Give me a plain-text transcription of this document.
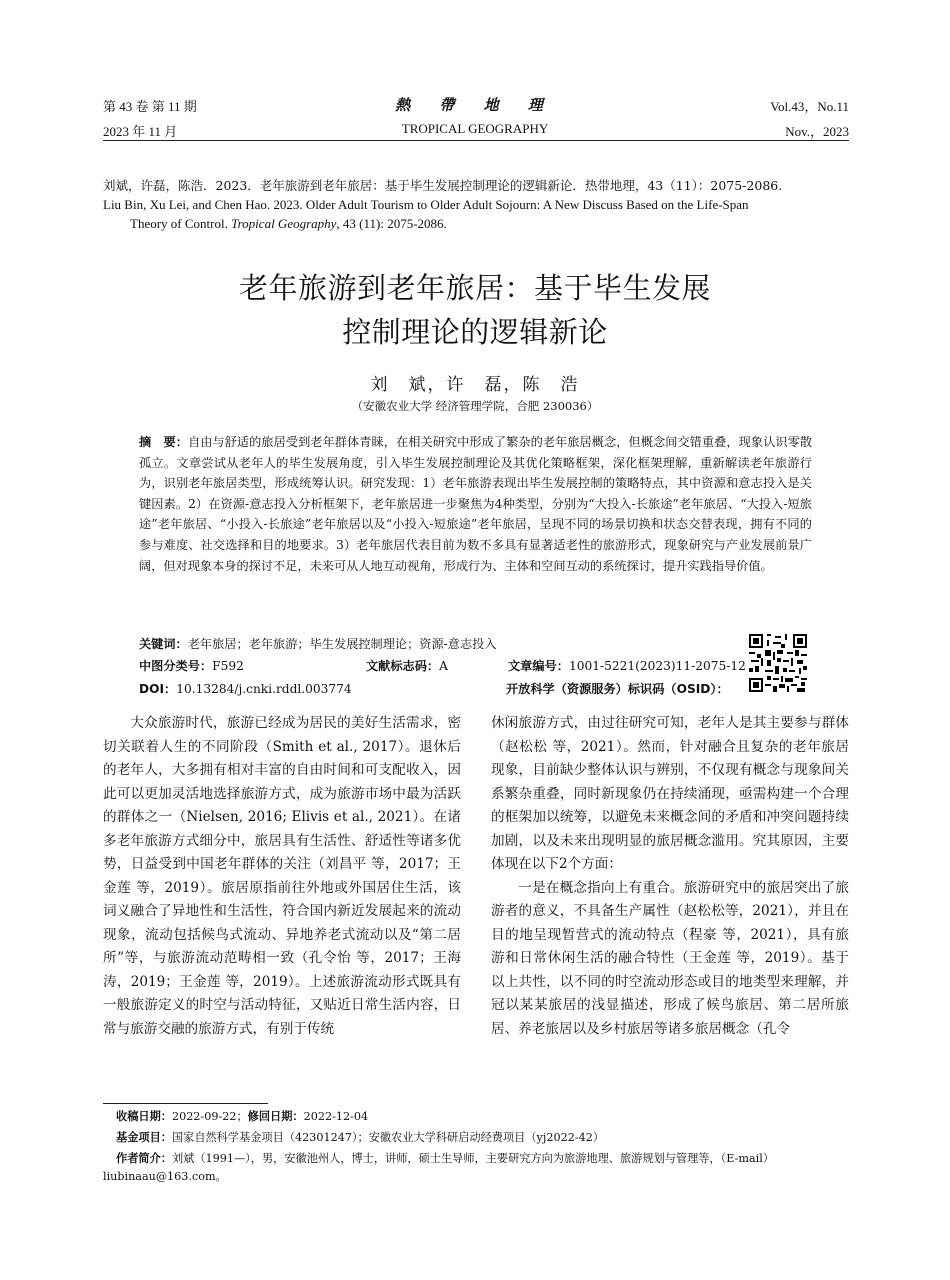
第 43 卷 第 11 期
2023 年 11 月
熱 帶 地 理
TROPICAL GEOGRAPHY
Vol.43，No.11
Nov.，2023
刘斌，许磊，陈浩．2023．老年旅游到老年旅居：基于毕生发展控制理论的逻辑新论．热带地理，43（11）：2075-2086.
Liu Bin, Xu Lei, and Chen Hao. 2023. Older Adult Tourism to Older Adult Sojourn: A New Discuss Based on the Life-Span
Theory of Control. Tropical Geography, 43 (11): 2075-2086.
老年旅游到老年旅居：基于毕生发展
控制理论的逻辑新论
刘　斌，许　磊，陈　浩
（安徽农业大学 经济管理学院，合肥 230036）
摘　要：自由与舒适的旅居受到老年群体青睐，在相关研究中形成了繁杂的老年旅居概念，但概念间交错重叠，现象认识零散孤立。文章尝试从老年人的毕生发展角度，引入毕生发展控制理论及其优化策略框架，深化框架理解，重新解读老年旅游行为，识别老年旅居类型，形成统筹认识。研究发现：1）老年旅游表现出毕生发展控制的策略特点，其中资源和意志投入是关键因素。2）在资源-意志投入分析框架下，老年旅居进一步聚焦为4种类型，分别为“大投入-长旅途”老年旅居、“大投入-短旅途”老年旅居、“小投入-长旅途”老年旅居以及“小投入-短旅途”老年旅居，呈现不同的场景切换和状态交替表现，拥有不同的参与难度、社交选择和目的地要求。3）老年旅居代表目前为数不多具有显著适老性的旅游形式，现象研究与产业发展前景广阔，但对现象本身的探讨不足，未来可从人地互动视角，形成行为、主体和空间互动的系统探讨，提升实践指导价值。
关键词：老年旅居；老年旅游；毕生发展控制理论；资源-意志投入
中图分类号：F592	文献标志码：A	文章编号：1001-5221(2023)11-2075-12
DOI：10.13284/j.cnki.rddl.003774	开放科学（资源服务）标识码（OSID）：

大众旅游时代，旅游已经成为居民的美好生活需求，密切关联着人生的不同阶段（Smith et al., 2017）。退休后的老年人，大多拥有相对丰富的自由时间和可支配收入，因此可以更加灵活地选择旅游方式，成为旅游市场中最为活跃的群体之一（Nielsen, 2016; Elivis et al., 2021）。在诸多老年旅游方式细分中，旅居具有生活性、舒适性等诸多优势，日益受到中国老年群体的关注（刘昌平 等，2017；王金莲 等，2019）。旅居原指前往外地或外国居住生活，该词义融合了异地性和生活性，符合国内新近发展起来的流动现象，流动包括候鸟式流动、异地养老式流动以及“第二居所”等，与旅游流动范畴相一致（孔令怡 等，2017；王海涛，2019；王金莲 等，2019）。上述旅游流动形式既具有一般旅游定义的时空与活动特征，又贴近日常生活内容，日常与旅游交融的旅游方式，有别于传统

休闲旅游方式，由过往研究可知，老年人是其主要参与群体（赵松松 等，2021）。然而，针对融合且复杂的老年旅居现象，目前缺少整体认识与辨别，不仅现有概念与现象间关系繁杂重叠，同时新现象仍在持续涌现，亟需构建一个合理的框架加以统筹，以避免未来概念间的矛盾和冲突问题持续加剧，以及未来出现明显的旅居概念滥用。究其原因，主要体现在以下2个方面：

一是在概念指向上有重合。旅游研究中的旅居突出了旅游者的意义，不具备生产属性（赵松松等，2021），并且在目的地呈现暂营式的流动特点（程豪 等，2021），具有旅游和日常休闲生活的融合特性（王金莲 等，2019）。基于以上共性，以不同的时空流动形态或目的地类型来理解，并冠以某某旅居的浅显描述，形成了候鸟旅居、第二居所旅居、养老旅居以及乡村旅居等诸多旅居概念（孔令

收稿日期：2022-09-22；修回日期：2022-12-04
基金项目：国家自然科学基金项目（42301247）；安徽农业大学科研启动经费项目（yj2022-42）
作者简介：刘斌（1991—），男，安徽池州人，博士，讲师，硕士生导师，主要研究方向为旅游地理、旅游规划与管理等，（E-mail）
liubinaau@163.com。
